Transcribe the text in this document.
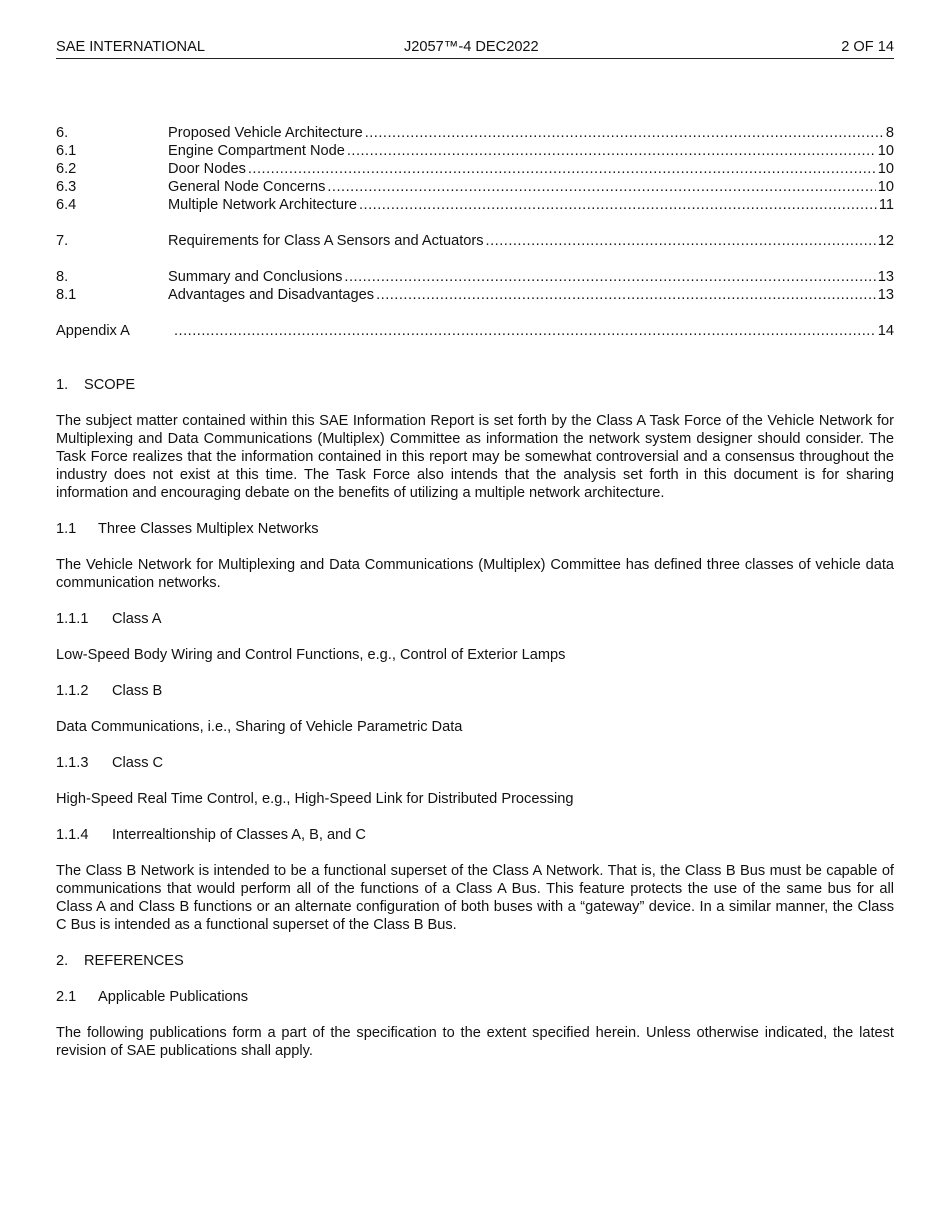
SAE INTERNATIONAL	J2057™-4 DEC2022	2 OF 14
6.	Proposed Vehicle Architecture .....	8
6.1	Engine Compartment Node .....	10
6.2	Door Nodes .....	10
6.3	General Node Concerns .....	10
6.4	Multiple Network Architecture .....	11
7.	Requirements for Class A Sensors and Actuators .....	12
8.	Summary and Conclusions .....	13
8.1	Advantages and Disadvantages .....	13
Appendix A .....	14
1. SCOPE

The subject matter contained within this SAE Information Report is set forth by the Class A Task Force of the Vehicle Network for Multiplexing and Data Communications (Multiplex) Committee as information the network system designer should consider. The Task Force realizes that the information contained in this report may be somewhat controversial and a consensus throughout the industry does not exist at this time. The Task Force also intends that the analysis set forth in this document is for sharing information and encouraging debate on the benefits of utilizing a multiple network architecture.

1.1 Three Classes Multiplex Networks

The Vehicle Network for Multiplexing and Data Communications (Multiplex) Committee has defined three classes of vehicle data communication networks.

1.1.1 Class A

Low-Speed Body Wiring and Control Functions, e.g., Control of Exterior Lamps

1.1.2 Class B

Data Communications, i.e., Sharing of Vehicle Parametric Data

1.1.3 Class C

High-Speed Real Time Control, e.g., High-Speed Link for Distributed Processing

1.1.4 Interrealtionship of Classes A, B, and C

The Class B Network is intended to be a functional superset of the Class A Network. That is, the Class B Bus must be capable of communications that would perform all of the functions of a Class A Bus. This feature protects the use of the same bus for all Class A and Class B functions or an alternate configuration of both buses with a “gateway” device. In a similar manner, the Class C Bus is intended as a functional superset of the Class B Bus.

2. REFERENCES
2.1 Applicable Publications

The following publications form a part of the specification to the extent specified herein. Unless otherwise indicated, the latest revision of SAE publications shall apply.
